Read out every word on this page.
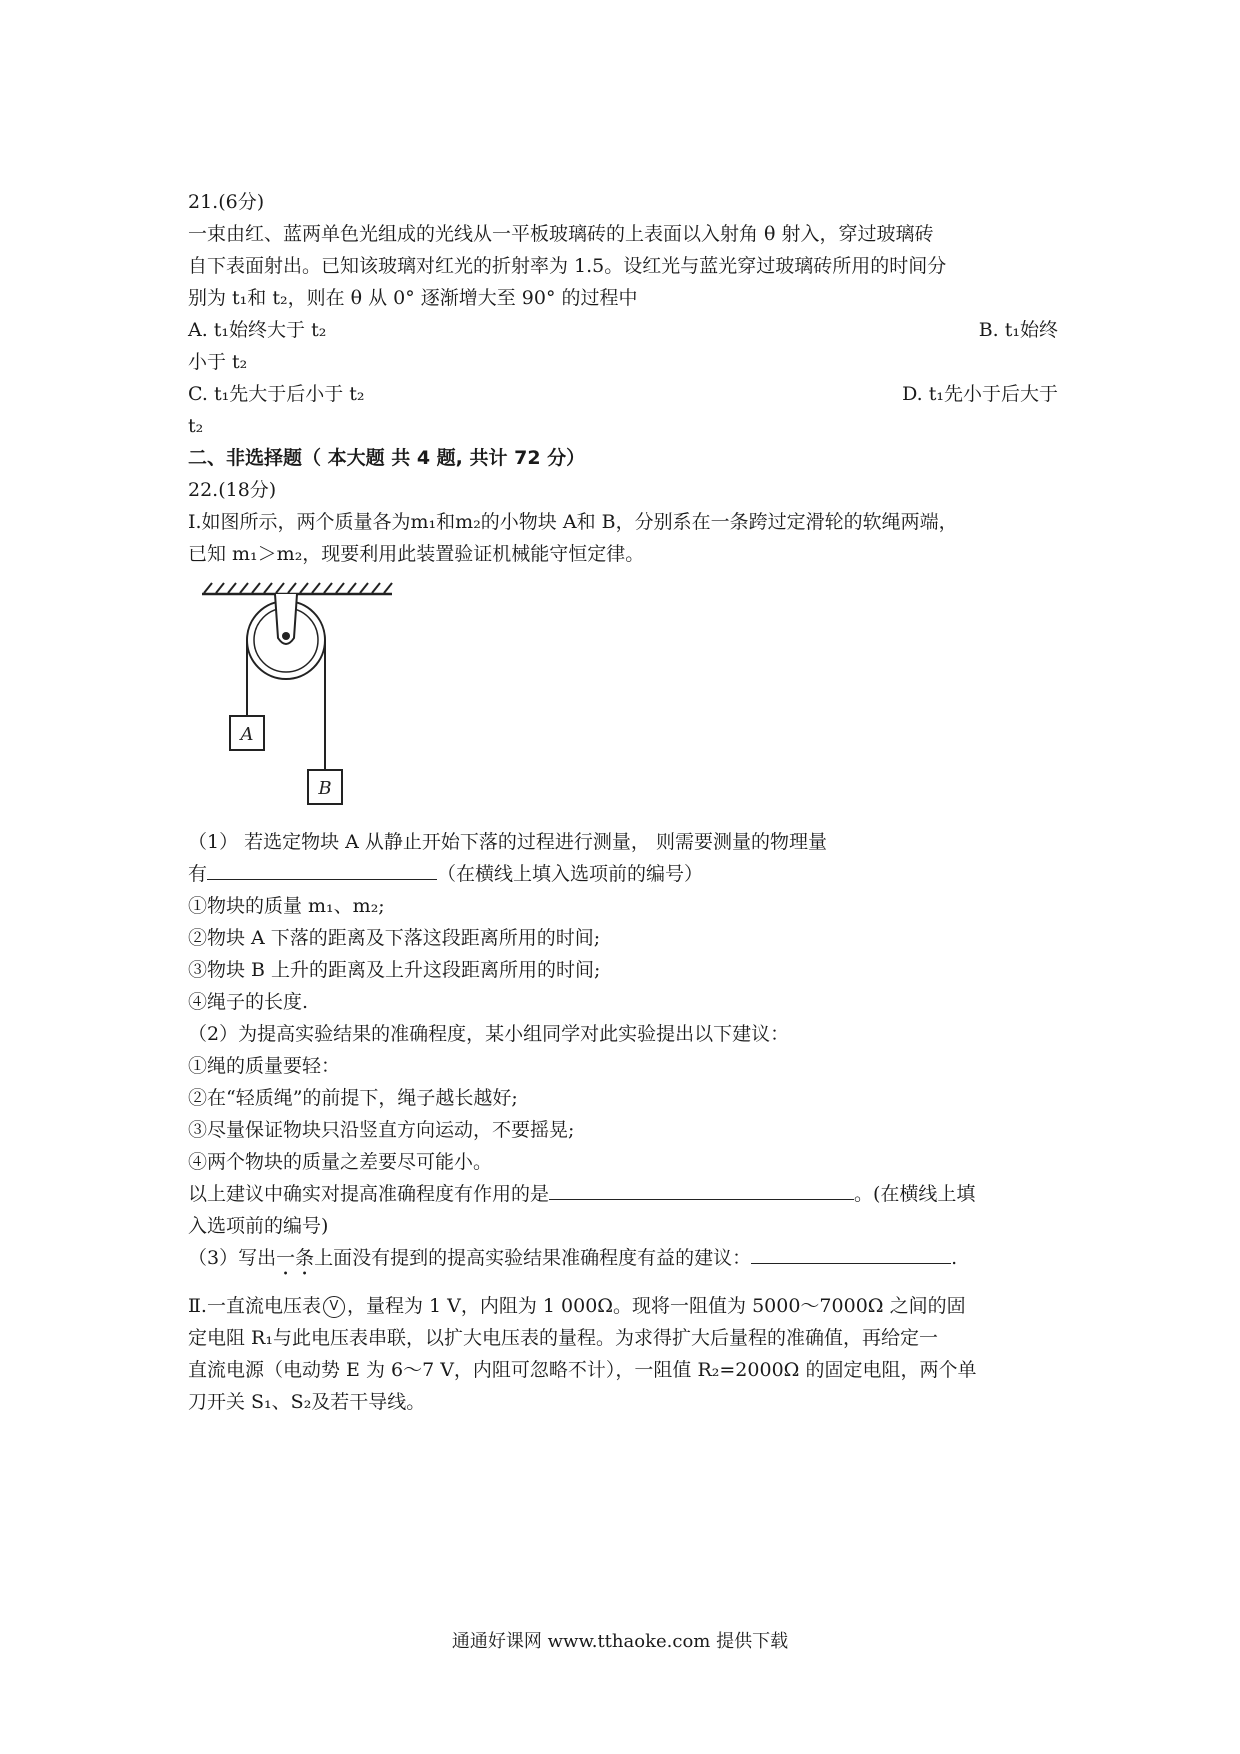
21.(6分)
一束由红、蓝两单色光组成的光线从一平板玻璃砖的上表面以入射角 θ 射入，穿过玻璃砖
自下表面射出。已知该玻璃对红光的折射率为 1.5。设红光与蓝光穿过玻璃砖所用的时间分
别为 t₁和 t₂，则在 θ 从 0° 逐渐增大至 90° 的过程中
A. t₁始终大于 t₂	B. t₁始终
小于 t₂
C. t₁先大于后小于 t₂	D. t₁先小于后大于
t₂
二、非选择题（ 本大题 共 4 题, 共计 72 分）
22.(18分)
Ⅰ.如图所示，两个质量各为m₁和m₂的小物块 A和 B，分别系在一条跨过定滑轮的软绳两端，
已知 m₁＞m₂，现要利用此装置验证机械能守恒定律。
A
B
（1） 若选定物块 A 从静止开始下落的过程进行测量， 则需要测量的物理量
有	（在横线上填入选项前的编号）
①物块的质量 m₁、m₂;
②物块 A 下落的距离及下落这段距离所用的时间;
③物块 B 上升的距离及上升这段距离所用的时间;
④绳子的长度.
（2）为提高实验结果的准确程度，某小组同学对此实验提出以下建议：
①绳的质量要轻：
②在“轻质绳”的前提下，绳子越长越好;
③尽量保证物块只沿竖直方向运动，不要摇晃;
④两个物块的质量之差要尽可能小。
以上建议中确实对提高准确程度有作用的是	。(在横线上填
入选项前的编号)
（3）写出一条上面没有提到的提高实验结果准确程度有益的建议：	.
Ⅱ.一直流电压表 V ，量程为 1 V，内阻为 1 000Ω。现将一阻值为 5000～7000Ω 之间的固
定电阻 R₁与此电压表串联，以扩大电压表的量程。为求得扩大后量程的准确值，再给定一
直流电源（电动势 E 为 6～7 V，内阻可忽略不计），一阻值 R₂=2000Ω 的固定电阻，两个单
刀开关 S₁、S₂及若干导线。
通通好课网 www.tthaoke.com 提供下载
